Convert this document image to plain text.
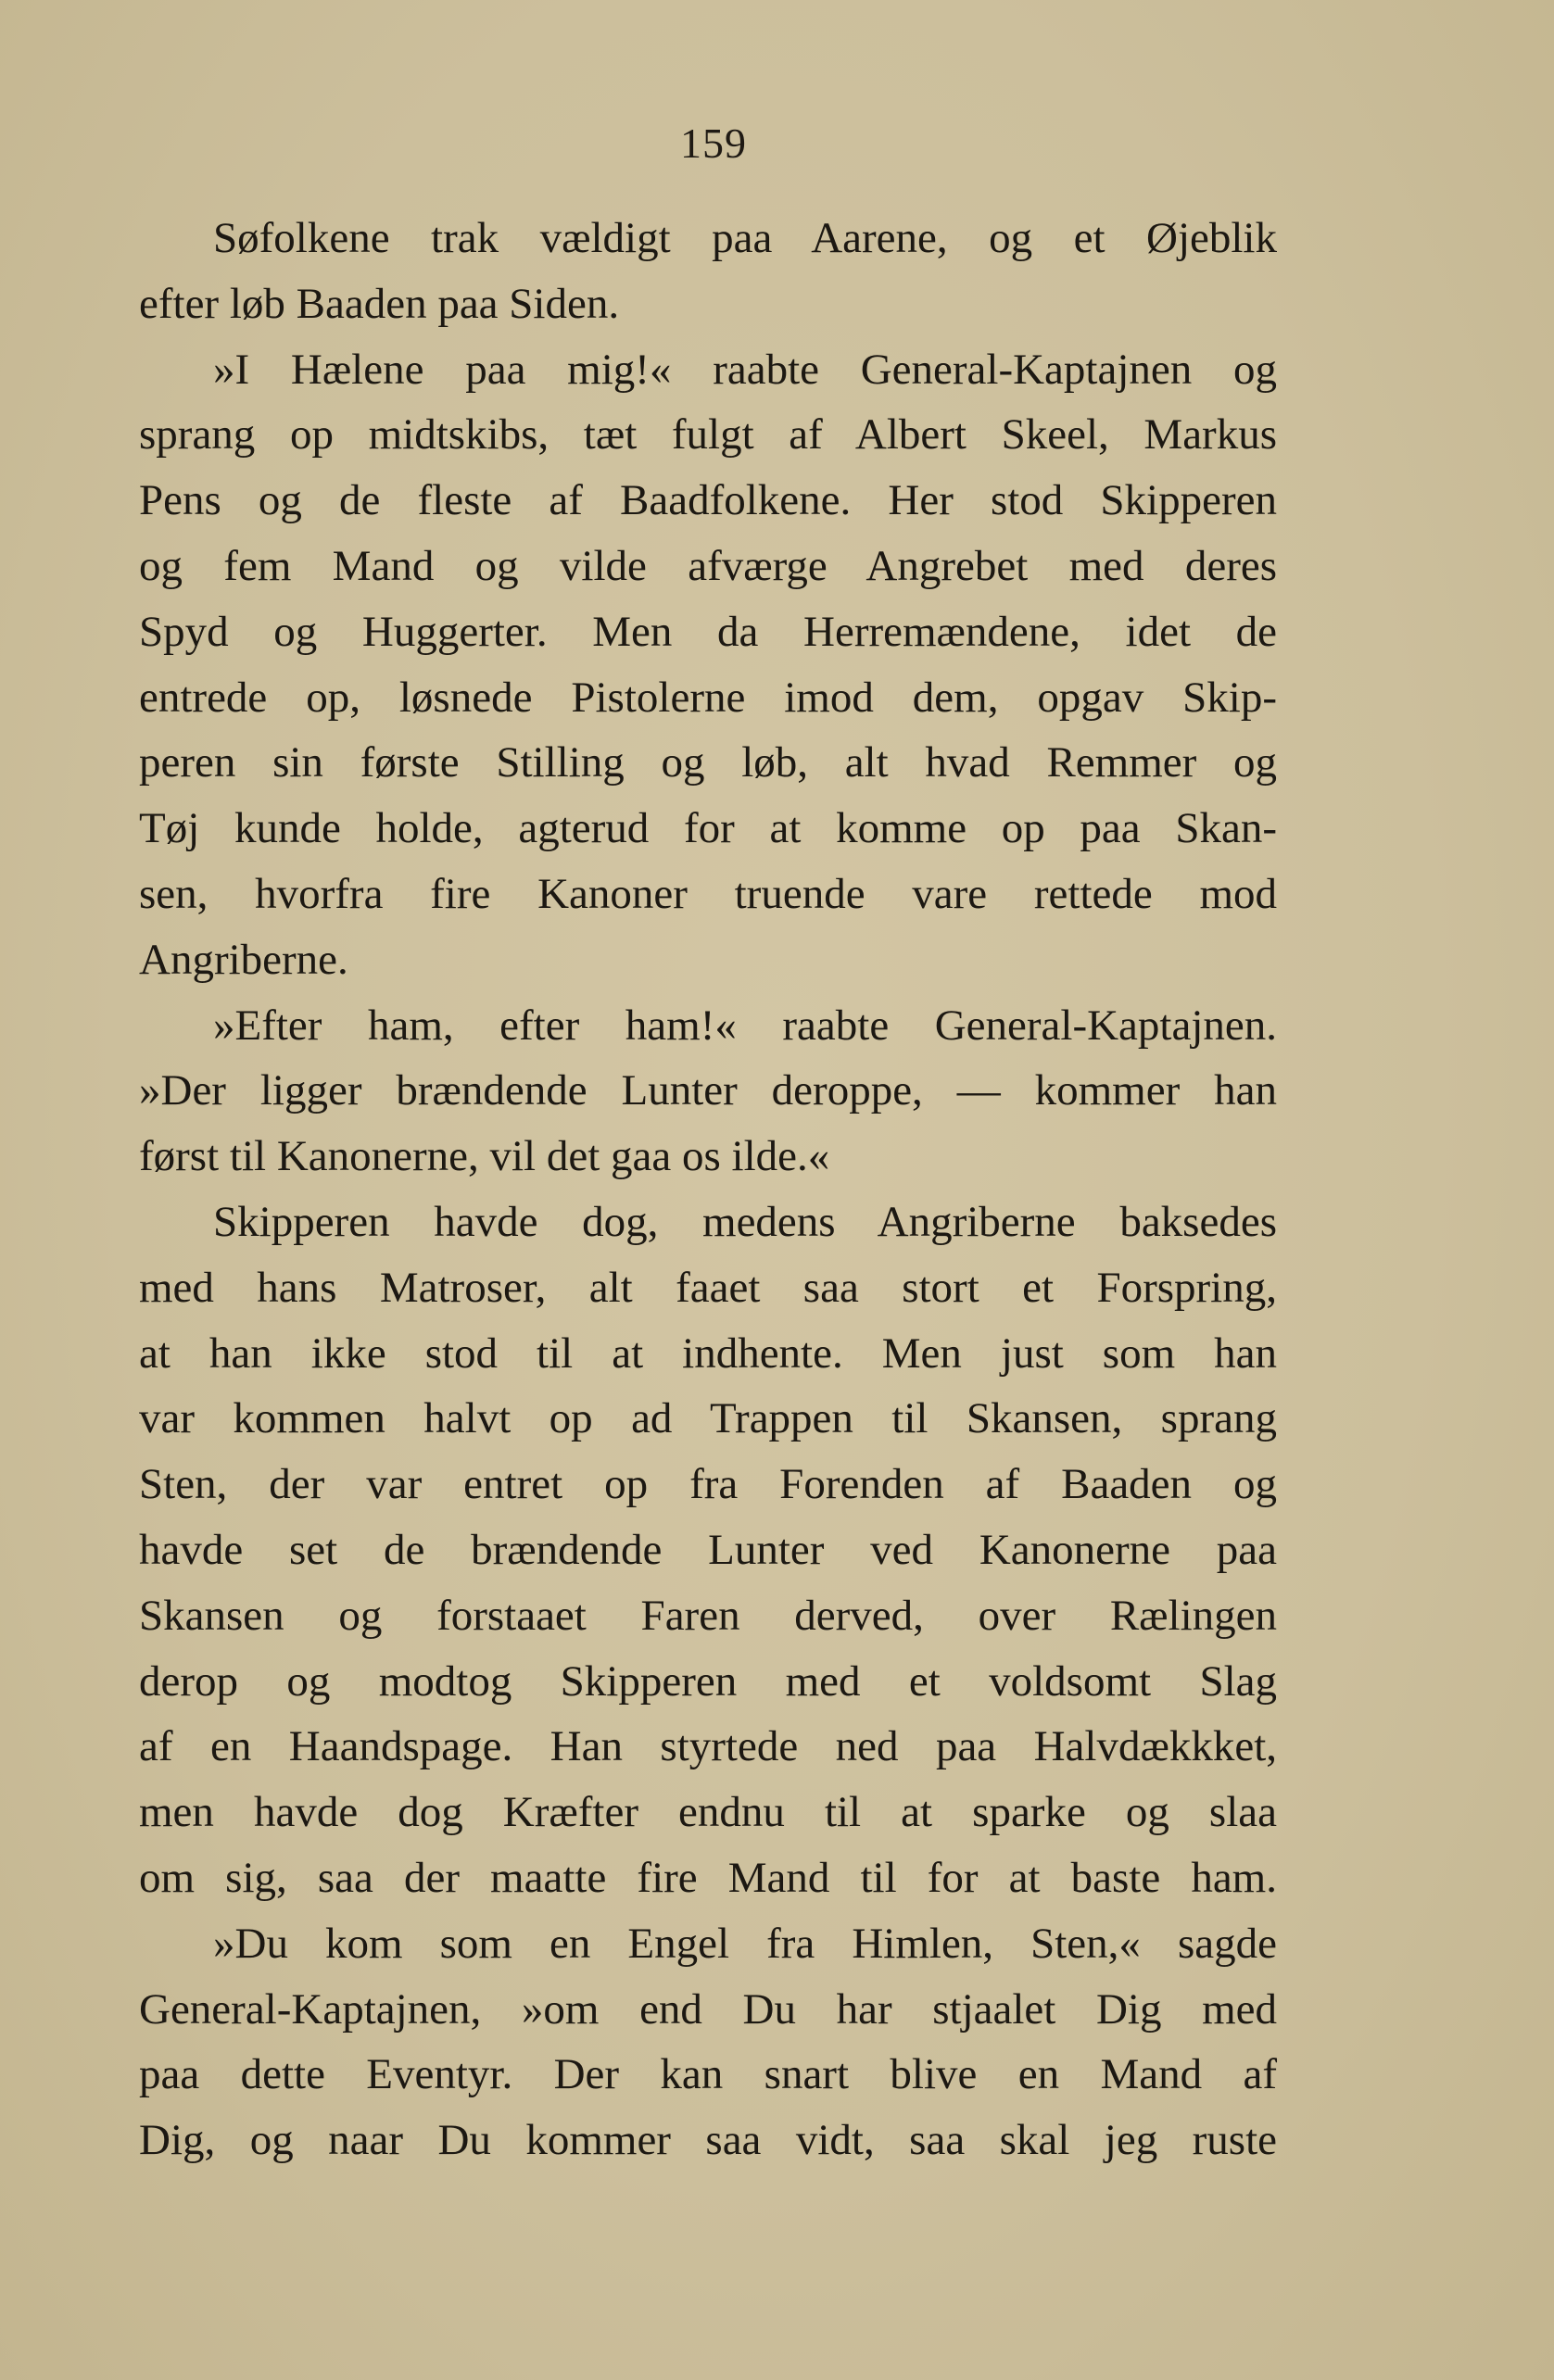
159
Søfolkene trak vældigt paa Aarene, og et Øjeblik
efter løb Baaden paa Siden.
»I Hælene paa mig!« raabte General-Kaptajnen og
sprang op midtskibs, tæt fulgt af Albert Skeel, Markus
Pens og de fleste af Baadfolkene. Her stod Skipperen
og fem Mand og vilde afværge Angrebet med deres
Spyd og Huggerter. Men da Herremændene, idet de
entrede op, løsnede Pistolerne imod dem, opgav Skip-
peren sin første Stilling og løb, alt hvad Remmer og
Tøj kunde holde, agterud for at komme op paa Skan-
sen, hvorfra fire Kanoner truende vare rettede mod
Angriberne.
»Efter ham, efter ham!« raabte General-Kaptajnen.
»Der ligger brændende Lunter deroppe, — kommer han
først til Kanonerne, vil det gaa os ilde.«
Skipperen havde dog, medens Angriberne baksedes
med hans Matroser, alt faaet saa stort et Forspring,
at han ikke stod til at indhente. Men just som han
var kommen halvt op ad Trappen til Skansen, sprang
Sten, der var entret op fra Forenden af Baaden og
havde set de brændende Lunter ved Kanonerne paa
Skansen og forstaaet Faren derved, over Rælingen
derop og modtog Skipperen med et voldsomt Slag
af en Haandspage. Han styrtede ned paa Halvdækkket,
men havde dog Kræfter endnu til at sparke og slaa
om sig, saa der maatte fire Mand til for at baste ham.
»Du kom som en Engel fra Himlen, Sten,« sagde
General-Kaptajnen, »om end Du har stjaalet Dig med
paa dette Eventyr. Der kan snart blive en Mand af
Dig, og naar Du kommer saa vidt, saa skal jeg ruste
